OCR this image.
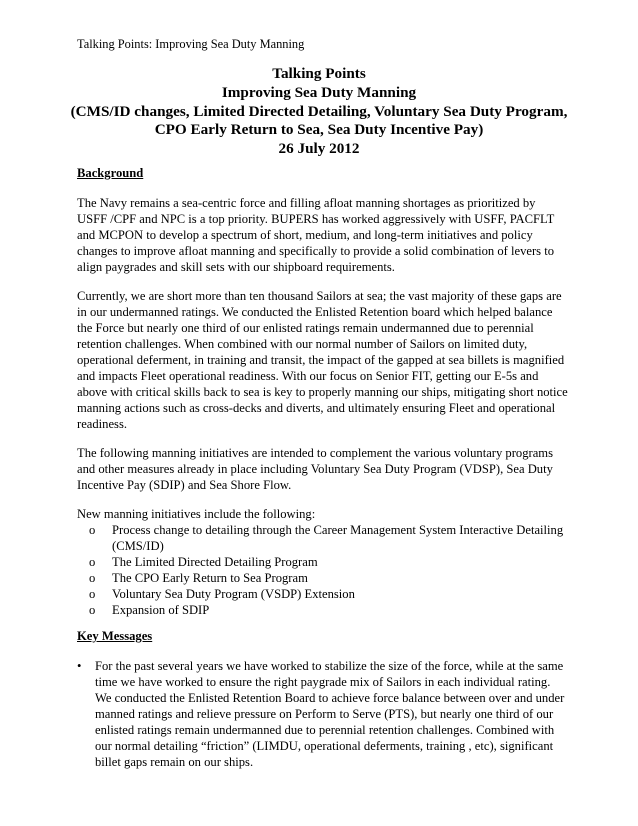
Talking Points: Improving Sea Duty Manning
Talking Points
Improving Sea Duty Manning
(CMS/ID changes, Limited Directed Detailing, Voluntary Sea Duty Program,
CPO Early Return to Sea, Sea Duty Incentive Pay)
26 July 2012
Background

The Navy remains a sea-centric force and filling afloat manning shortages as prioritized by
USFF /CPF and NPC is a top priority. BUPERS has worked aggressively with USFF, PACFLT
and MCPON to develop a spectrum of short, medium, and long-term initiatives and policy
changes to improve afloat manning and specifically to provide a solid combination of levers to
align paygrades and skill sets with our shipboard requirements.

Currently, we are short more than ten thousand Sailors at sea; the vast majority of these gaps are
in our undermanned ratings. We conducted the Enlisted Retention board which helped balance
the Force but nearly one third of our enlisted ratings remain undermanned due to perennial
retention challenges. When combined with our normal number of Sailors on limited duty,
operational deferment, in training and transit, the impact of the gapped at sea billets is magnified
and impacts Fleet operational readiness. With our focus on Senior FIT, getting our E-5s and
above with critical skills back to sea is key to properly manning our ships, mitigating short notice
manning actions such as cross-decks and diverts, and ultimately ensuring Fleet and operational
readiness.

The following manning initiatives are intended to complement the various voluntary programs
and other measures already in place including Voluntary Sea Duty Program (VDSP), Sea Duty
Incentive Pay (SDIP) and Sea Shore Flow.

New manning initiatives include the following:

o Process change to detailing through the Career Management System Interactive Detailing
(CMS/ID)
o The Limited Directed Detailing Program
o The CPO Early Return to Sea Program
o Voluntary Sea Duty Program (VSDP) Extension
o Expansion of SDIP
Key Messages
• For the past several years we have worked to stabilize the size of the force, while at the same
time we have worked to ensure the right paygrade mix of Sailors in each individual rating.
We conducted the Enlisted Retention Board to achieve force balance between over and under
manned ratings and relieve pressure on Perform to Serve (PTS), but nearly one third of our
enlisted ratings remain undermanned due to perennial retention challenges. Combined with
our normal detailing “friction” (LIMDU, operational deferments, training , etc), significant
billet gaps remain on our ships.
